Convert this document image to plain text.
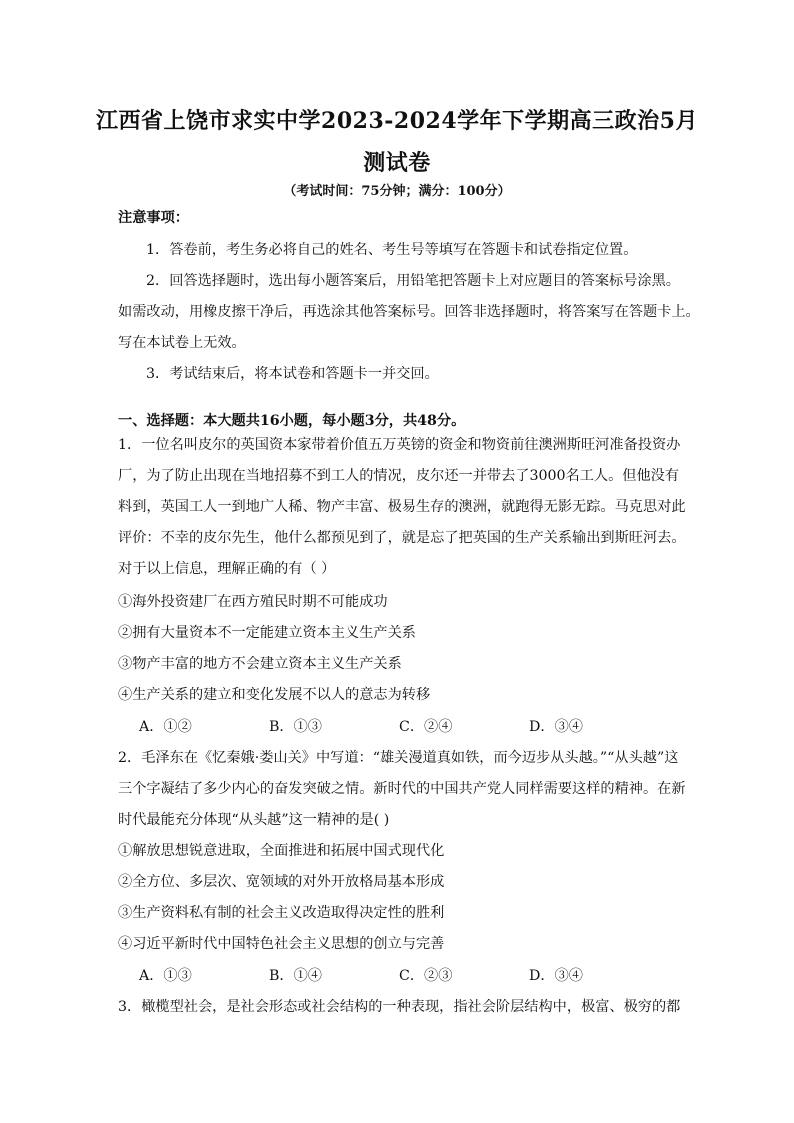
江西省上饶市求实中学2023-2024学年下学期高三政治5月
测试卷
（考试时间：75分钟；满分：100分）
注意事项：
1．答卷前，考生务必将自己的姓名、考生号等填写在答题卡和试卷指定位置。
2．回答选择题时，选出每小题答案后，用铅笔把答题卡上对应题目的答案标号涂黑。
如需改动，用橡皮擦干净后，再选涂其他答案标号。回答非选择题时，将答案写在答题卡上。
写在本试卷上无效。
3．考试结束后，将本试卷和答题卡一并交回。
一、选择题：本大题共16小题，每小题3分，共48分。
1．一位名叫皮尔的英国资本家带着价值五万英镑的资金和物资前往澳洲斯旺河准备投资办
厂，为了防止出现在当地招募不到工人的情况，皮尔还一并带去了3000名工人。但他没有
料到，英国工人一到地广人稀、物产丰富、极易生存的澳洲，就跑得无影无踪。马克思对此
评价：不幸的皮尔先生，他什么都预见到了，就是忘了把英国的生产关系输出到斯旺河去。
对于以上信息，理解正确的有（ ）
①海外投资建厂在西方殖民时期不可能成功
②拥有大量资本不一定能建立资本主义生产关系
③物产丰富的地方不会建立资本主义生产关系
④生产关系的建立和变化发展不以人的意志为转移
A．①②	B．①③	C．②④	D．③④
2．毛泽东在《忆秦娥·娄山关》中写道：“雄关漫道真如铁，而今迈步从头越。”“从头越”这
三个字凝结了多少内心的奋发突破之情。新时代的中国共产党人同样需要这样的精神。在新
时代最能充分体现“从头越”这一精神的是( )
①解放思想锐意进取，全面推进和拓展中国式现代化
②全方位、多层次、宽领域的对外开放格局基本形成
③生产资料私有制的社会主义改造取得决定性的胜利
④习近平新时代中国特色社会主义思想的创立与完善
A．①③	B．①④	C．②③	D．③④
3．橄榄型社会，是社会形态或社会结构的一种表现，指社会阶层结构中，极富、极穷的都
